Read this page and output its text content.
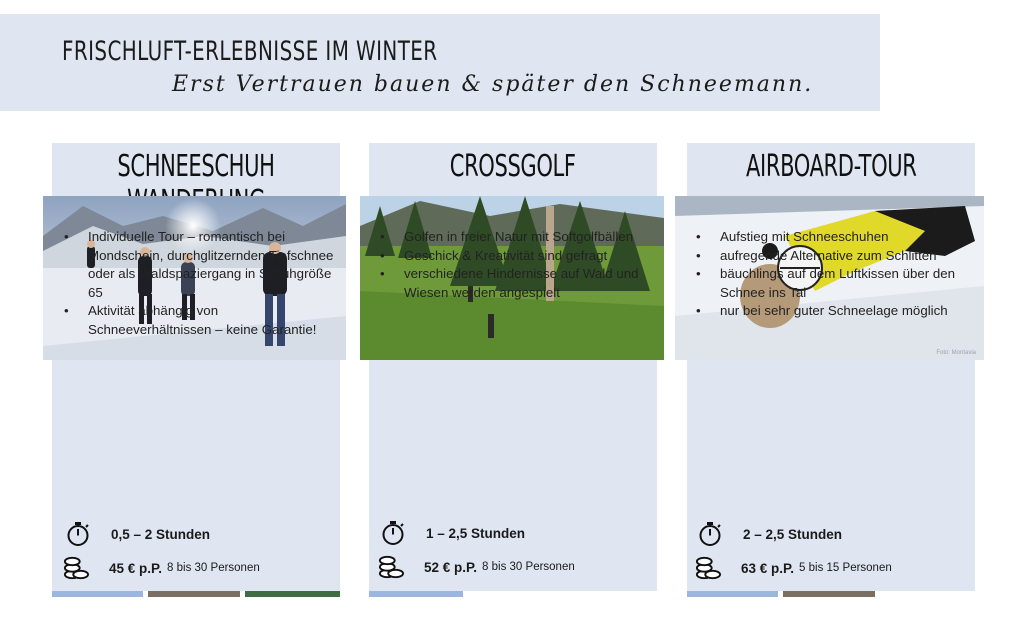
FRISCHLUFT-ERLEBNISSE IM WINTER
Erst Vertrauen bauen & später den Schneemann.
SCHNEESCHUH
• Individuelle Tour – romantisch bei Mondschein, durchglitzernden Tiefschnee oder als Waldspaziergang in Schuhgröße 65
• Aktivität abhängig von Schneeverhältnissen – keine Garantie!
0,5 – 2 Stunden
45 € p.P. 8 bis 30 Personen
CROSSGOLF
• Golfen in freier Natur mit Softgolfbällen
• Geschick & Kreativität sind gefragt
• verschiedene Hindernisse auf Wald und Wiesen werden angespielt
1 – 2,5 Stunden
52 € p.P. 8 bis 30 Personen
AIRBOARD-TOUR
Foto: Montavia
• Aufstieg mit Schneeschuhen
• aufregende Alternative zum Schlitten
• bäuchlings auf dem Luftkissen über den Schnee ins Tal
• nur bei sehr guter Schneelage möglich
2 – 2,5 Stunden
63 € p.P. 5 bis 15 Personen
